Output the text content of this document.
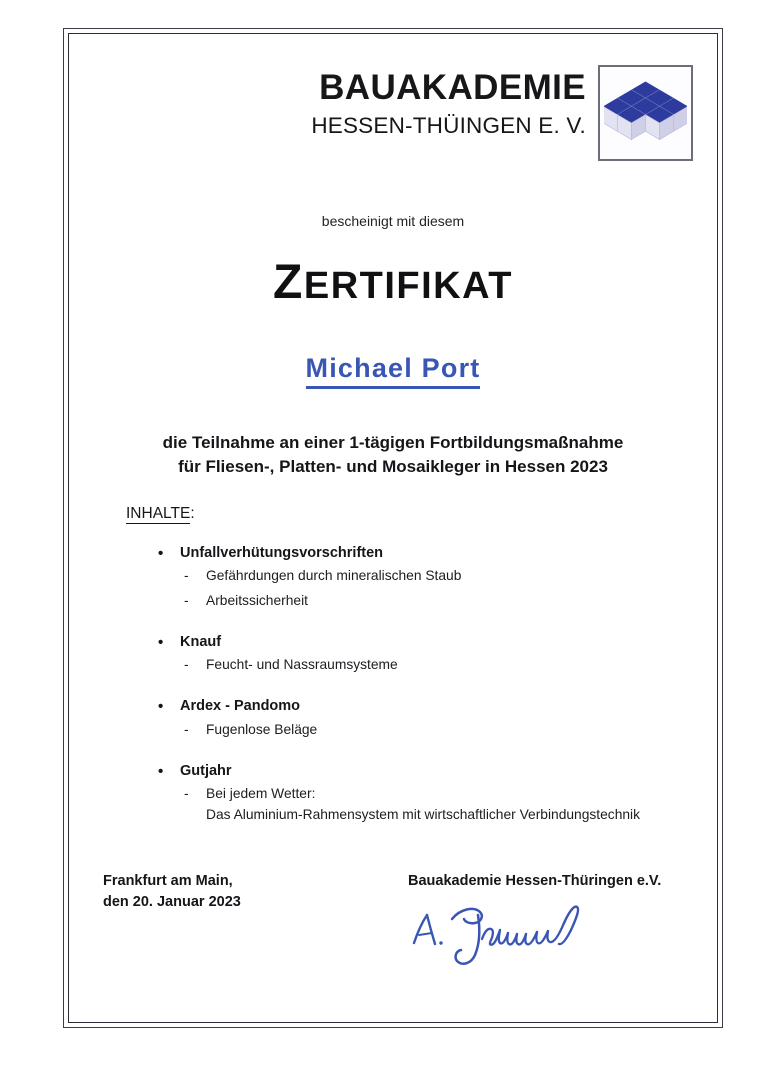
BAUAKADEMIE
HESSEN-THÜINGEN E. V.
bescheinigt mit diesem
ZERTIFIKAT
Michael Port
die Teilnahme an einer 1-tägigen Fortbildungsmaßnahme
für Fliesen-, Platten- und Mosaikleger in Hessen 2023
INHALTE:
• Unfallverhütungsvorschriften
- Gefährdungen durch mineralischen Staub
- Arbeitssicherheit
• Knauf
- Feucht- und Nassraumsysteme
• Ardex - Pandomo
- Fugenlose Beläge
• Gutjahr
- Bei jedem Wetter:
Das Aluminium-Rahmensystem mit wirtschaftlicher Verbindungstechnik
Frankfurt am Main,
den 20. Januar 2023
Bauakademie Hessen-Thüringen e.V.
